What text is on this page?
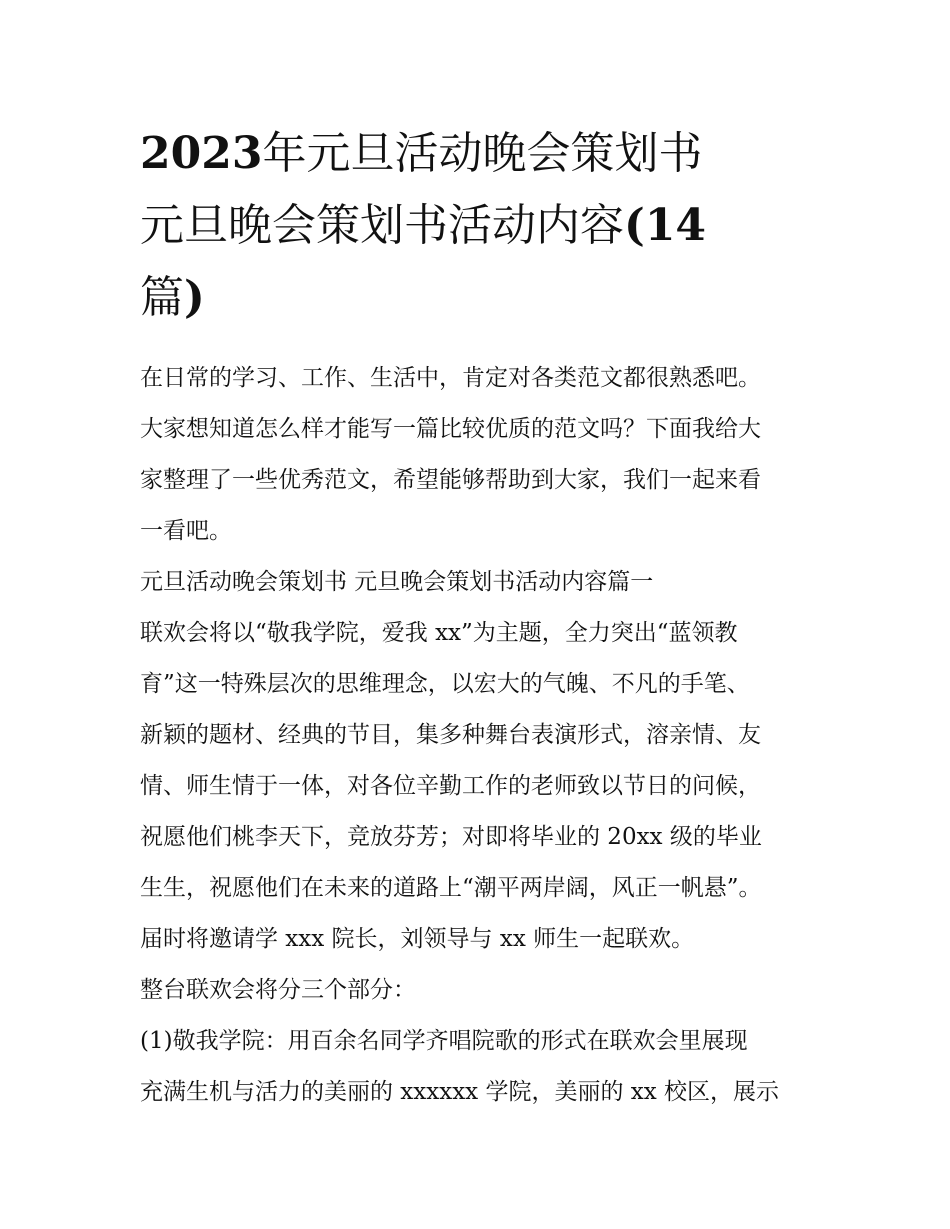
2023年元旦活动晚会策划书
元旦晚会策划书活动内容(14
篇)

在日常的学习、工作、生活中，肯定对各类范文都很熟悉吧。

大家想知道怎么样才能写一篇比较优质的范文吗？下面我给大

家整理了一些优秀范文，希望能够帮助到大家，我们一起来看

一看吧。

元旦活动晚会策划书 元旦晚会策划书活动内容篇一

联欢会将以“敬我学院，爱我 xx”为主题，全力突出“蓝领教

育”这一特殊层次的思维理念，以宏大的气魄、不凡的手笔、

新颖的题材、经典的节目，集多种舞台表演形式，溶亲情、友

情、师生情于一体，对各位辛勤工作的老师致以节日的问候，

祝愿他们桃李天下，竞放芬芳；对即将毕业的 20xx 级的毕业

生生，祝愿他们在未来的道路上“潮平两岸阔，风正一帆悬”。

届时将邀请学 xxx 院长，刘领导与 xx 师生一起联欢。

整台联欢会将分三个部分：

(1)敬我学院：用百余名同学齐唱院歌的形式在联欢会里展现

充满生机与活力的美丽的 xxxxxx 学院，美丽的 xx 校区，展示
